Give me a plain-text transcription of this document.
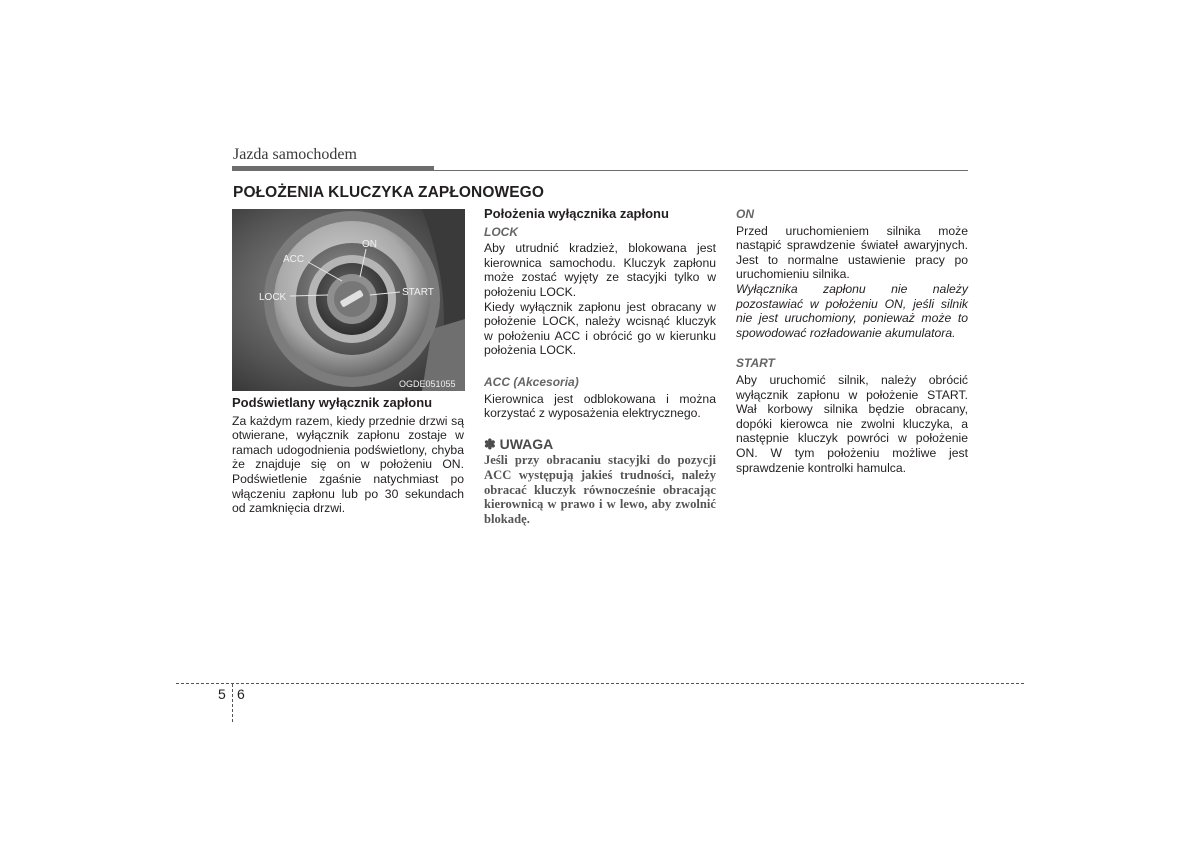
Jazda samochodem
POŁOŻENIA KLUCZYKA ZAPŁONOWEGO
ON
ACC
LOCK	START
OGDE051055

Podświetlany wyłącznik zapłonu

Za każdym razem, kiedy przednie drzwi są otwierane, wyłącznik zapłonu zostaje w ramach udogodnienia podświetlony, chyba że znajduje się on w położeniu ON. Podświetlenie zgaśnie natychmiast po włączeniu zapłonu lub po 30 sekundach od zamknięcia drzwi.

Położenia wyłącznika zapłonu

LOCK

Aby utrudnić kradzież, blokowana jest kierownica samochodu. Kluczyk zapłonu może zostać wyjęty ze stacyjki tylko w położeniu LOCK.

Kiedy wyłącznik zapłonu jest obracany w położenie LOCK, należy wcisnąć kluczyk w położeniu ACC i obrócić go w kierunku położenia LOCK.

ACC (Akcesoria)

Kierownica jest odblokowana i można korzystać z wyposażenia elektrycznego.

✽ UWAGA

Jeśli przy obracaniu stacyjki do pozycji ACC występują jakieś trudności, należy obracać kluczyk równocześnie obracając kierownicą w prawo i w lewo, aby zwolnić blokadę.

ON

Przed uruchomieniem silnika może nastąpić sprawdzenie świateł awaryjnych. Jest to normalne ustawienie pracy po uruchomieniu silnika.

Wyłącznika zapłonu nie należy pozostawiać w położeniu ON, jeśli silnik nie jest uruchomiony, ponieważ może to spowodować rozładowanie akumulatora.

START

Aby uruchomić silnik, należy obrócić wyłącznik zapłonu w położenie START. Wał korbowy silnika będzie obracany, dopóki kierowca nie zwolni kluczyka, a następnie kluczyk powróci w położenie ON. W tym położeniu możliwe jest sprawdzenie kontrolki hamulca.

5 6
